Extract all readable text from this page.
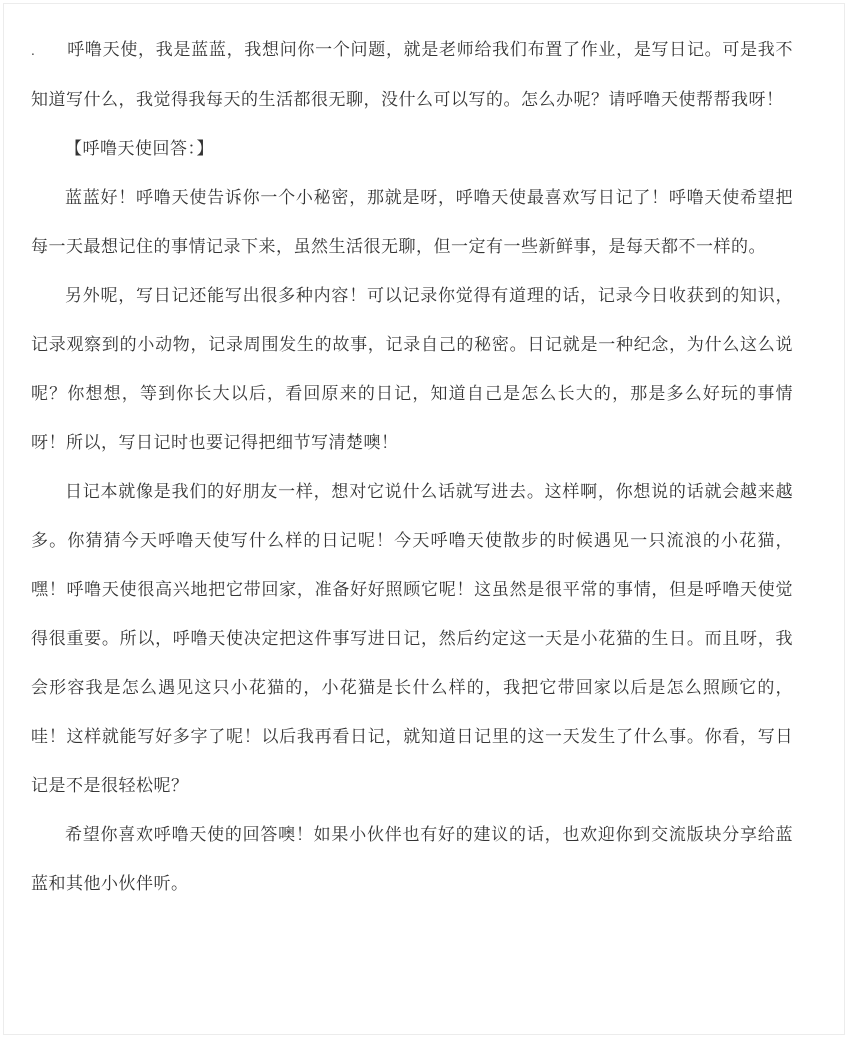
. 呼噜天使，我是蓝蓝，我想问你一个问题，就是老师给我们布置了作业，是写日记。可是我不知道写什么，我觉得我每天的生活都很无聊，没什么可以写的。怎么办呢？请呼噜天使帮帮我呀！

【呼噜天使回答：】

蓝蓝好！呼噜天使告诉你一个小秘密，那就是呀，呼噜天使最喜欢写日记了！呼噜天使希望把每一天最想记住的事情记录下来，虽然生活很无聊，但一定有一些新鲜事，是每天都不一样的。

另外呢，写日记还能写出很多种内容！可以记录你觉得有道理的话，记录今日收获到的知识，记录观察到的小动物，记录周围发生的故事，记录自己的秘密。日记就是一种纪念，为什么这么说呢？你想想，等到你长大以后，看回原来的日记，知道自己是怎么长大的，那是多么好玩的事情呀！所以，写日记时也要记得把细节写清楚噢！

日记本就像是我们的好朋友一样，想对它说什么话就写进去。这样啊，你想说的话就会越来越多。你猜猜今天呼噜天使写什么样的日记呢！今天呼噜天使散步的时候遇见一只流浪的小花猫，嘿！呼噜天使很高兴地把它带回家，准备好好照顾它呢！这虽然是很平常的事情，但是呼噜天使觉得很重要。所以，呼噜天使决定把这件事写进日记，然后约定这一天是小花猫的生日。而且呀，我会形容我是怎么遇见这只小花猫的，小花猫是长什么样的，我把它带回家以后是怎么照顾它的，哇！这样就能写好多字了呢！以后我再看日记，就知道日记里的这一天发生了什么事。你看，写日记是不是很轻松呢？

希望你喜欢呼噜天使的回答噢！如果小伙伴也有好的建议的话，也欢迎你到交流版块分享给蓝蓝和其他小伙伴听。
